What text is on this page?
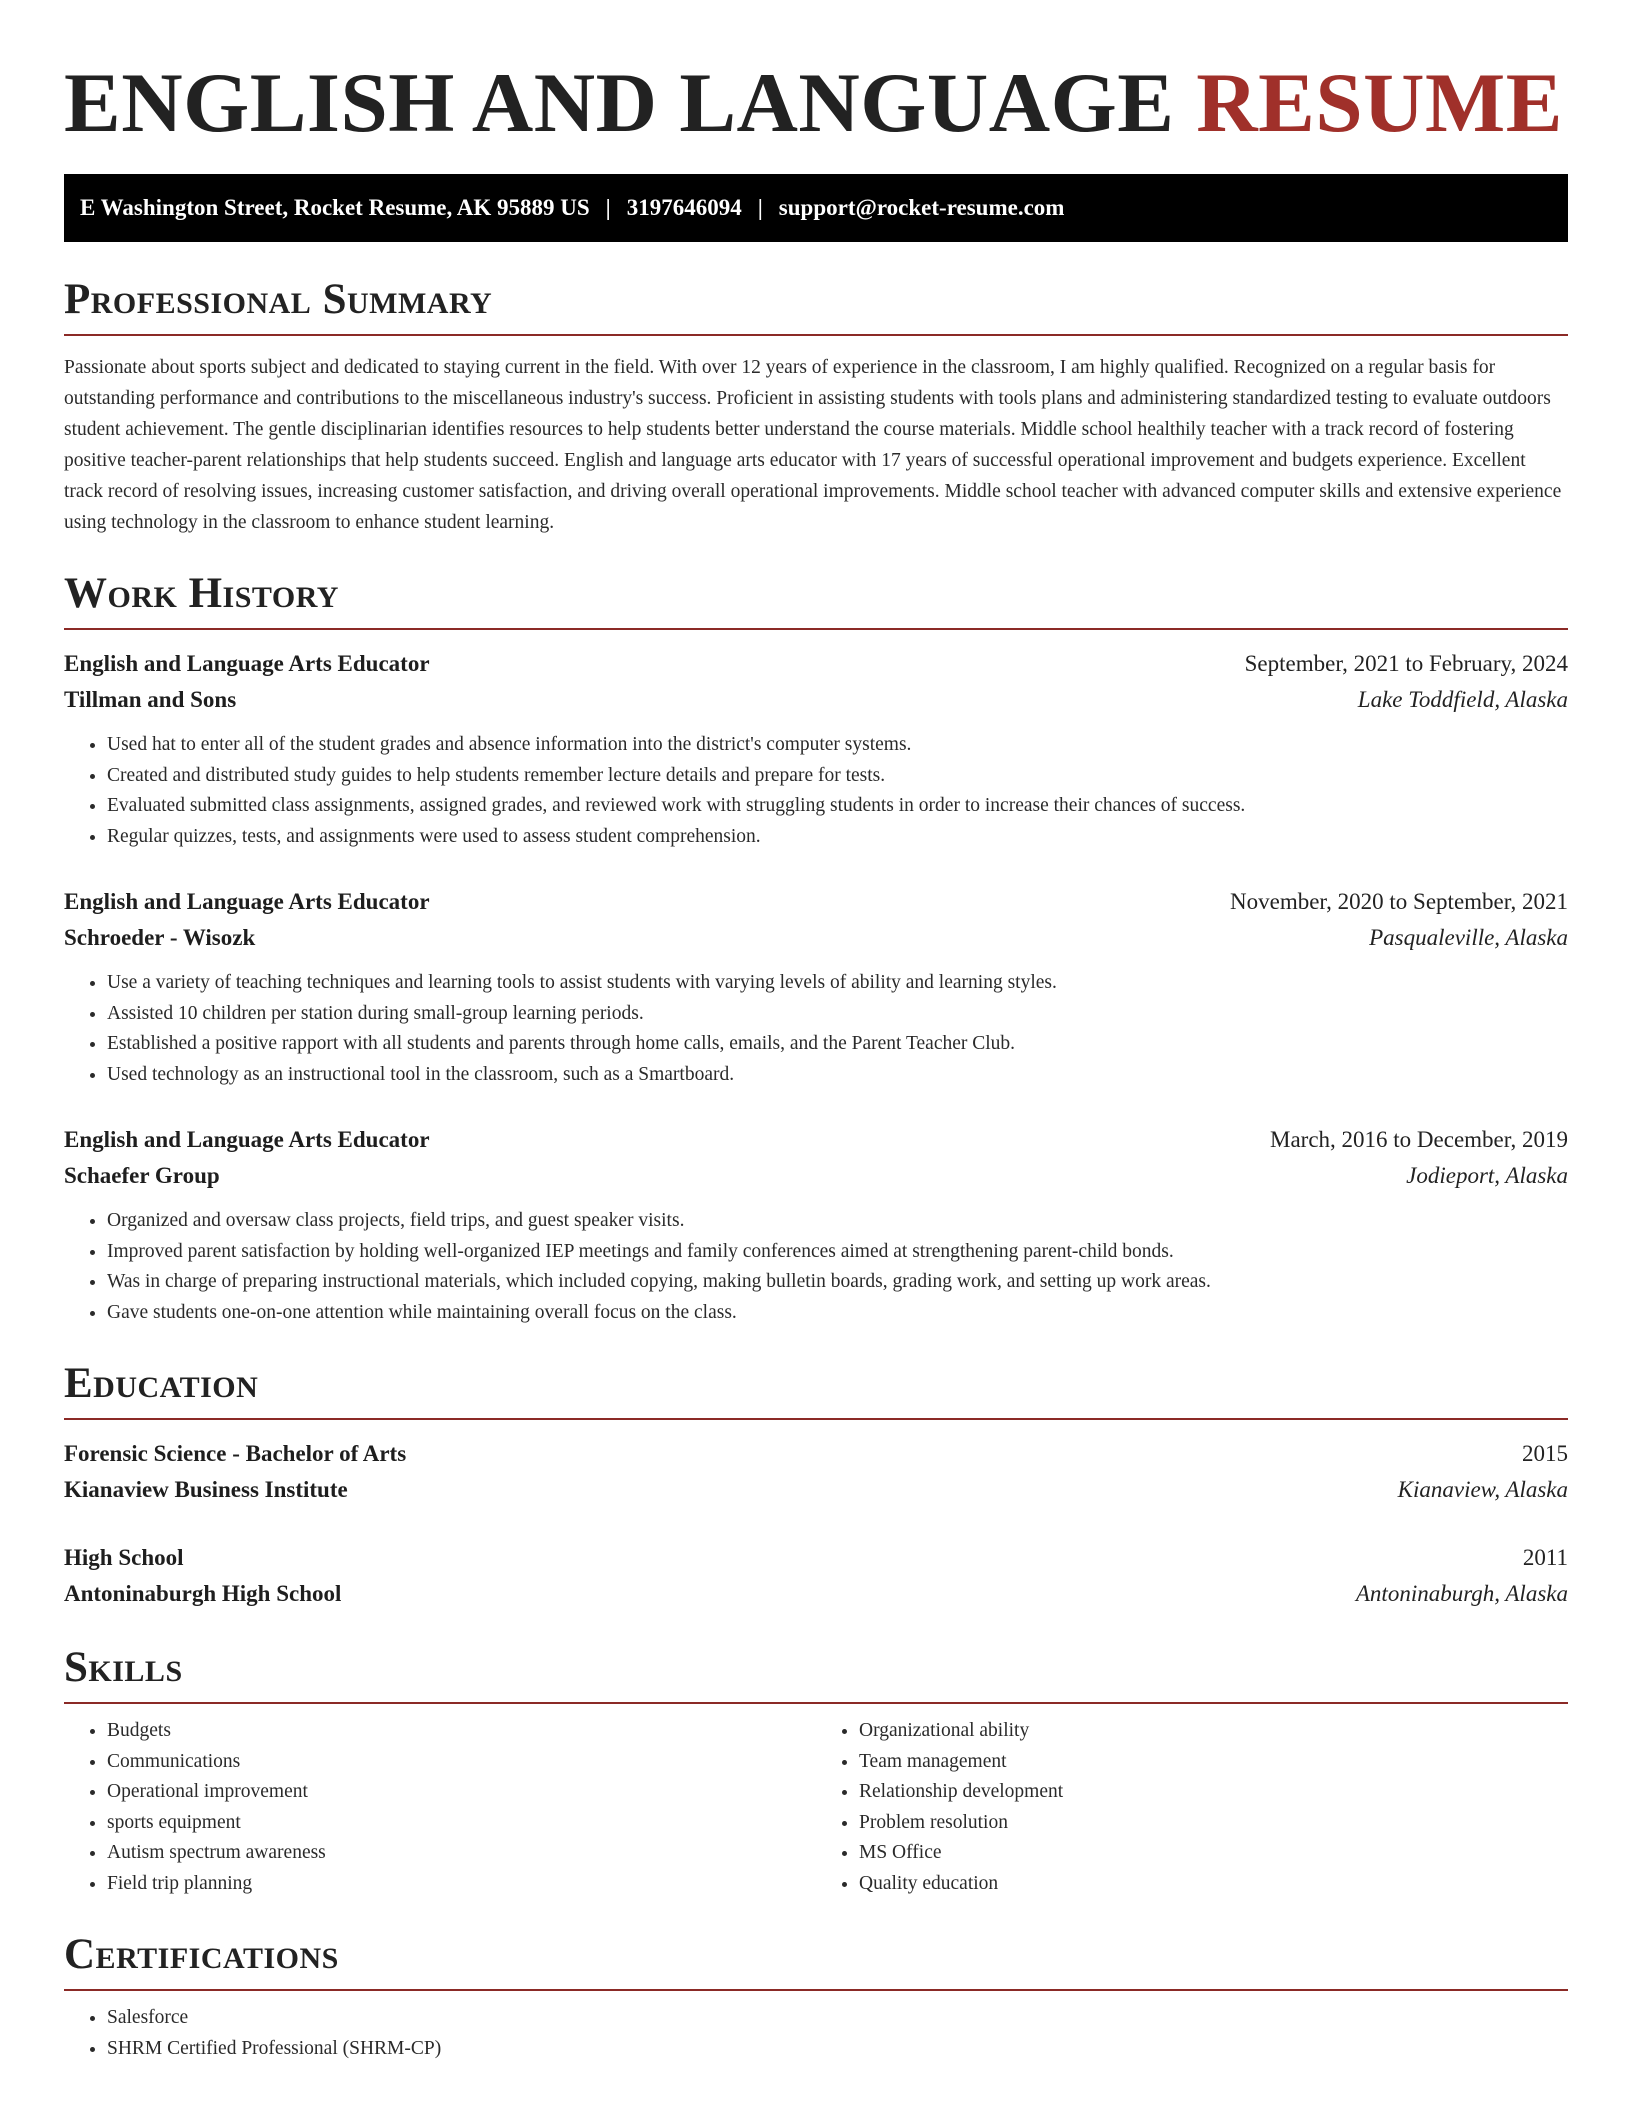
ENGLISH AND LANGUAGE RESUME
E Washington Street, Rocket Resume, AK 95889 US | 3197646094 | support@rocket-resume.com
Professional Summary

Passionate about sports subject and dedicated to staying current in the field. With over 12 years of experience in the classroom, I am highly qualified. Recognized on a regular basis for outstanding performance and contributions to the miscellaneous industry's success. Proficient in assisting students with tools plans and administering standardized testing to evaluate outdoors student achievement. The gentle disciplinarian identifies resources to help students better understand the course materials. Middle school healthily teacher with a track record of fostering positive teacher-parent relationships that help students succeed. English and language arts educator with 17 years of successful operational improvement and budgets experience. Excellent track record of resolving issues, increasing customer satisfaction, and driving overall operational improvements. Middle school teacher with advanced computer skills and extensive experience using technology in the classroom to enhance student learning.

Work History
English and Language Arts Educator	September, 2021 to February, 2024
Tillman and Sons	Lake Toddfield, Alaska
• Used hat to enter all of the student grades and absence information into the district's computer systems.
• Created and distributed study guides to help students remember lecture details and prepare for tests.
• Evaluated submitted class assignments, assigned grades, and reviewed work with struggling students in order to increase their chances of success.
• Regular quizzes, tests, and assignments were used to assess student comprehension.
English and Language Arts Educator	November, 2020 to September, 2021
Schroeder - Wisozk	Pasqualeville, Alaska
• Use a variety of teaching techniques and learning tools to assist students with varying levels of ability and learning styles.
• Assisted 10 children per station during small-group learning periods.
• Established a positive rapport with all students and parents through home calls, emails, and the Parent Teacher Club.
• Used technology as an instructional tool in the classroom, such as a Smartboard.
English and Language Arts Educator	March, 2016 to December, 2019
Schaefer Group	Jodieport, Alaska
• Organized and oversaw class projects, field trips, and guest speaker visits.
• Improved parent satisfaction by holding well-organized IEP meetings and family conferences aimed at strengthening parent-child bonds.
• Was in charge of preparing instructional materials, which included copying, making bulletin boards, grading work, and setting up work areas.
• Gave students one-on-one attention while maintaining overall focus on the class.
Education
Forensic Science - Bachelor of Arts	2015
Kianaview Business Institute	Kianaview, Alaska
High School	2011
Antoninaburgh High School	Antoninaburgh, Alaska
Skills
• Budgets
• Communications
• Operational improvement
• sports equipment
• Autism spectrum awareness
• Field trip planning
• Organizational ability
• Team management
• Relationship development
• Problem resolution
• MS Office
• Quality education
Certifications
• Salesforce
• SHRM Certified Professional (SHRM-CP)
